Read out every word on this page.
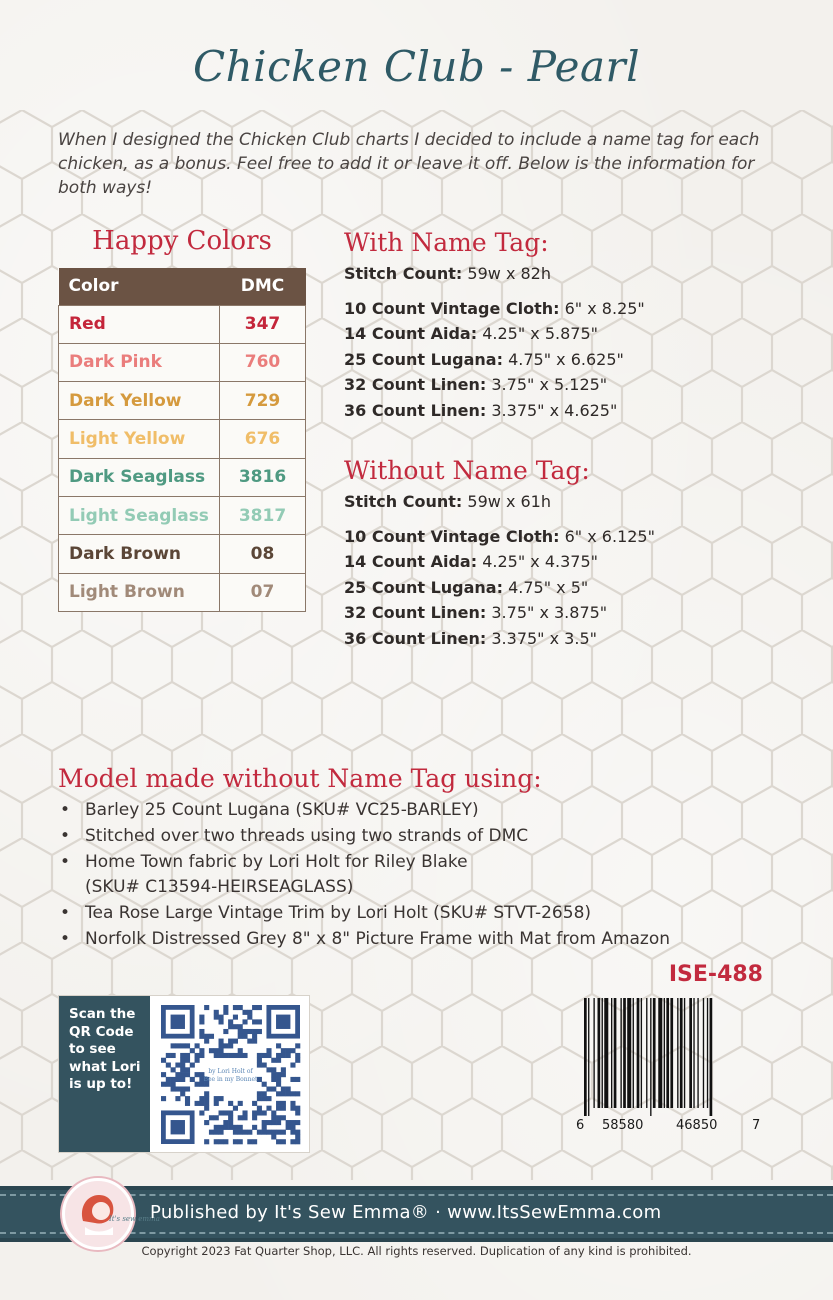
Chicken Club - Pearl
When I designed the Chicken Club charts I decided to include a name tag for each chicken, as a bonus. Feel free to add it or leave it off. Below is the information for both ways!
Happy Colors
Color	DMC
Red	347
Dark Pink	760
Dark Yellow	729
Light Yellow	676
Dark Seaglass	3816
Light Seaglass	3817
Dark Brown	08
Light Brown	07
With Name Tag:
Stitch Count: 59w x 82h
10 Count Vintage Cloth: 6" x 8.25"
14 Count Aida: 4.25" x 5.875"
25 Count Lugana: 4.75" x 6.625"
32 Count Linen: 3.75" x 5.125"
36 Count Linen: 3.375" x 4.625"
Without Name Tag:
Stitch Count: 59w x 61h
10 Count Vintage Cloth: 6" x 6.125"
14 Count Aida: 4.25" x 4.375"
25 Count Lugana: 4.75" x 5"
32 Count Linen: 3.75" x 3.875"
36 Count Linen: 3.375" x 3.5"
Model made without Name Tag using:
• Barley 25 Count Lugana (SKU# VC25-BARLEY)
• Stitched over two threads using two strands of DMC
• Home Town fabric by Lori Holt for Riley Blake
(SKU# C13594-HEIRSEAGLASS)
• Tea Rose Large Vintage Trim by Lori Holt (SKU# STVT-2658)
• Norfolk Distressed Grey 8" x 8" Picture Frame with Mat from Amazon
ISE-488
Scan the
QR Code
to see
what Lori
is up to!
by Lori Holt of
Bee in my Bonnet
6 58580	46850	7
It's sew emma
Published by It's Sew Emma® · www.ItsSewEmma.com
Copyright 2023 Fat Quarter Shop, LLC. All rights reserved. Duplication of any kind is prohibited.
